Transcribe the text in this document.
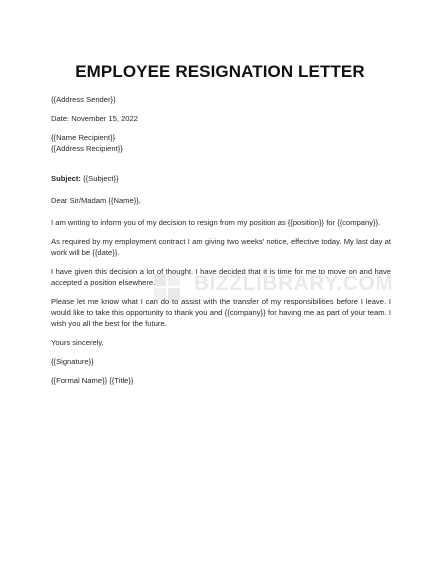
EMPLOYEE RESIGNATION LETTER
{{Address Sender}}
Date: November 15, 2022
{{Name Recipient}}
{{Address Recipient}}
Subject: {{Subject}}
Dear Sir/Madam {{Name}},
I am writing to inform you of my decision to resign from my position as {{position}} for {{company}}.
As required by my employment contract I am giving two weeks' notice, effective today. My last day at work will be {{date}}.
I have given this decision a lot of thought. I have decided that it is time for me to move on and have accepted a position elsewhere.
Please let me know what I can do to assist with the transfer of my responsibilities before I leave. I would like to take this opportunity to thank you and {{company}} for having me as part of your team. I wish you all the best for the future.
Yours sincerely,
{{Signature}}
{{Formal Name}} {{Title}}
BIZZLIBRARY.COM
